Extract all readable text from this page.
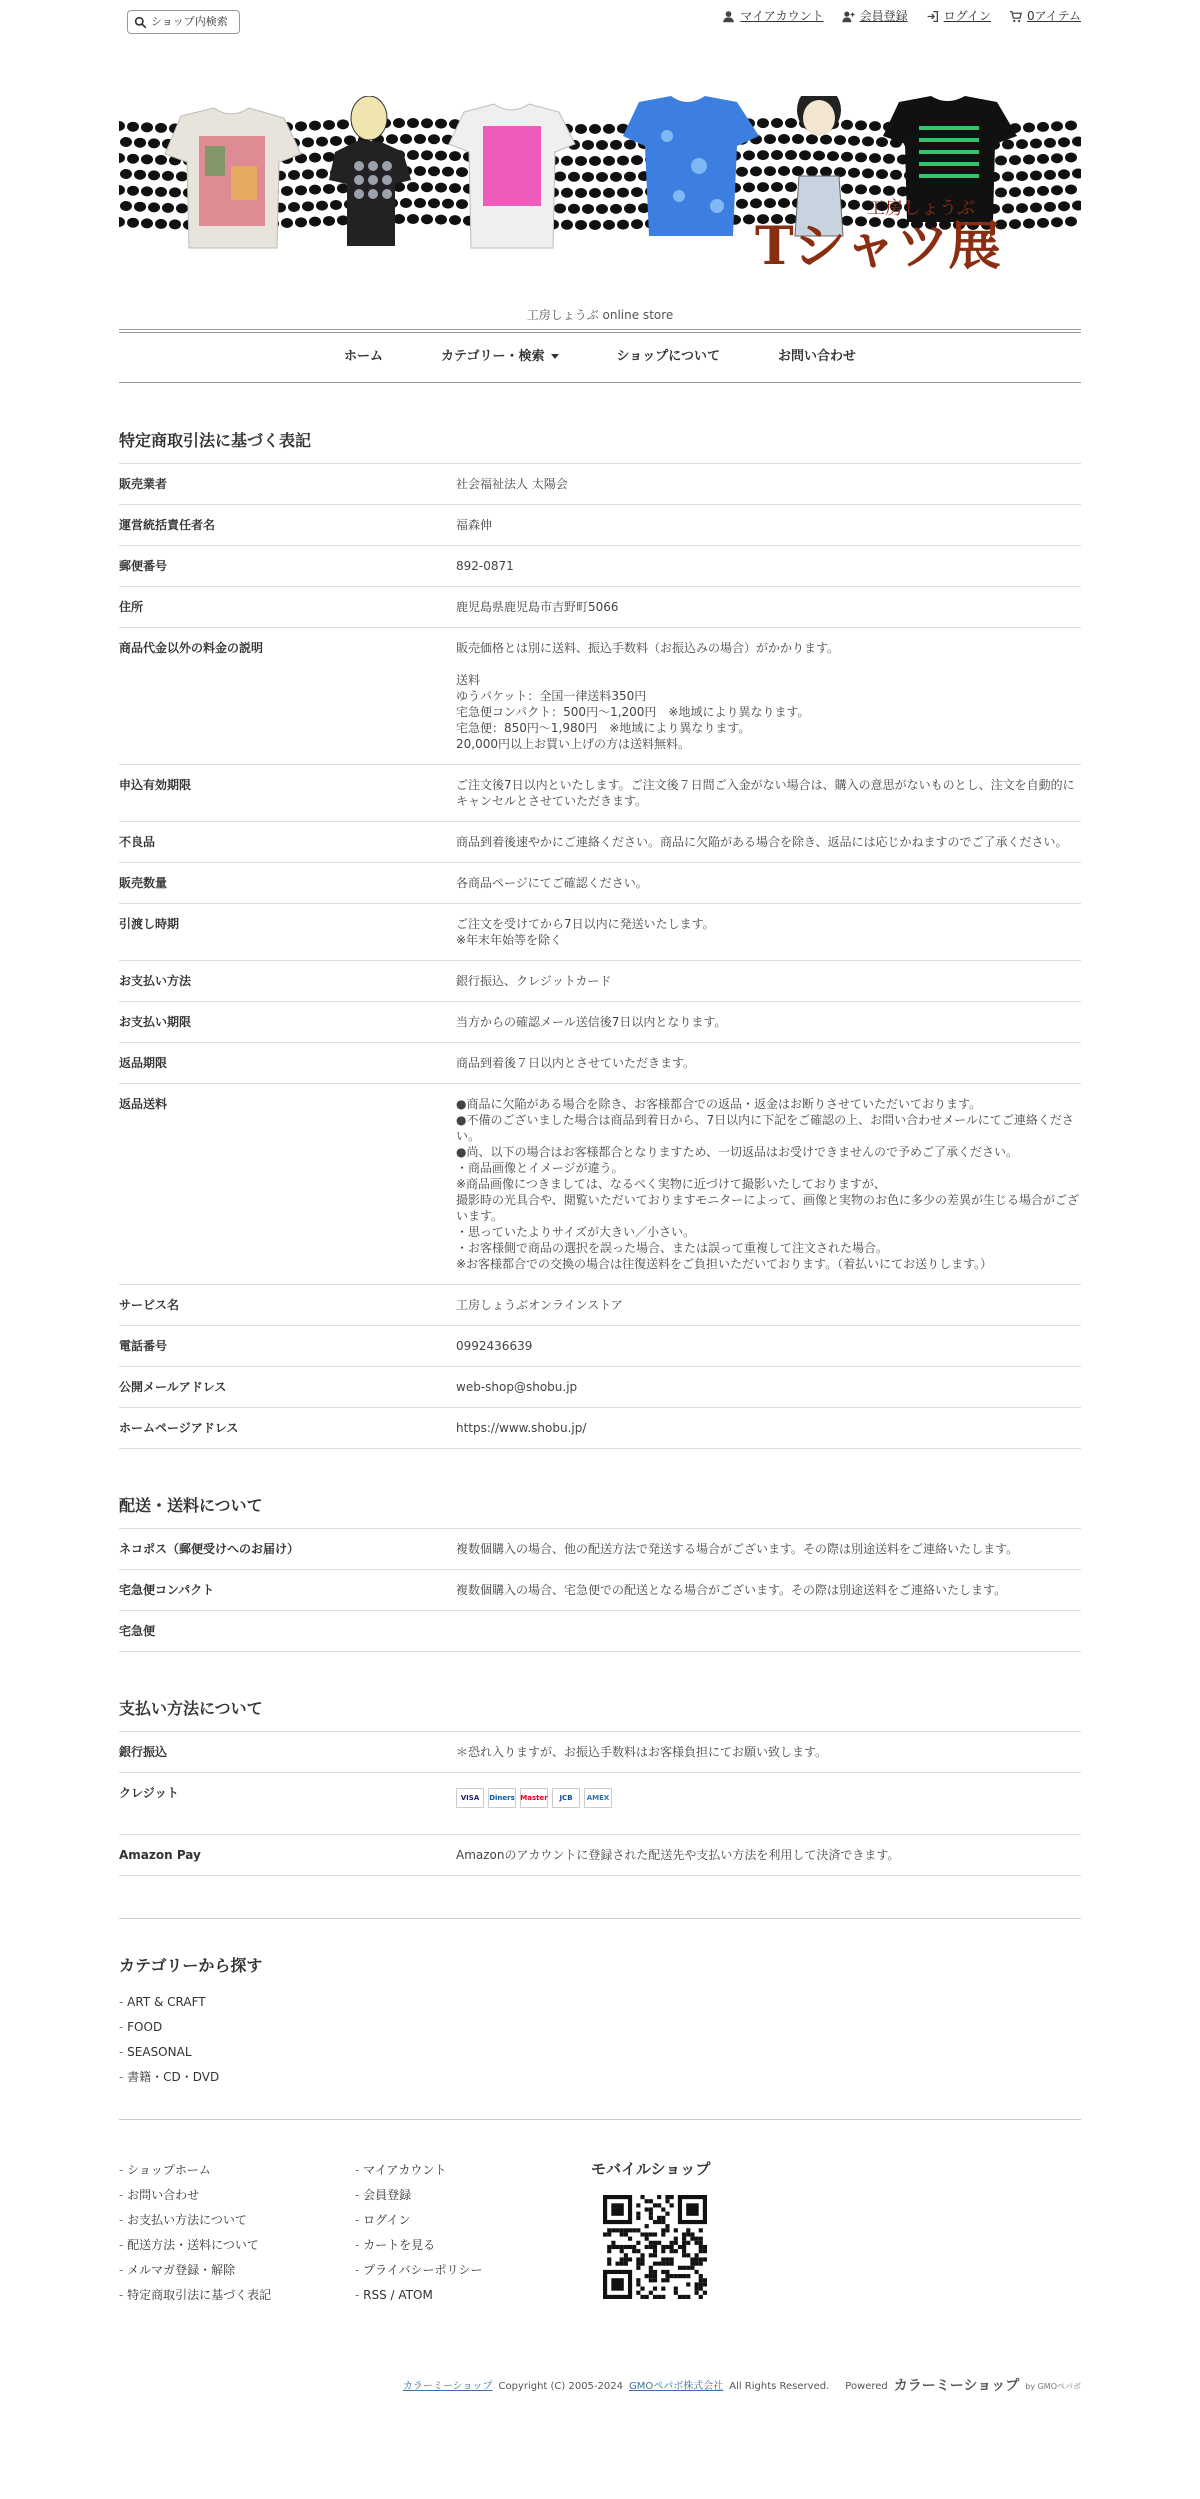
ショップ内検索	マイアカウント	会員登録	ログイン	0アイテム
工房しょうぶ
Tシャツ展
工房しょうぶ online store
ホーム	カテゴリー・検索	ショップについて	お問い合わせ
特定商取引法に基づく表記
販売業者	社会福祉法人 太陽会
運営統括責任者名	福森伸
郵便番号	892-0871
住所	鹿児島県鹿児島市吉野町5066
商品代金以外の料金の説明	販売価格とは別に送料、振込手数料（お振込みの場合）がかかります。

送料
ゆうパケット：全国一律送料350円
宅急便コンパクト：500円〜1,200円　※地域により異なります。
宅急便：850円〜1,980円　※地域により異なります。
20,000円以上お買い上げの方は送料無料。
申込有効期限	ご注文後7日以内といたします。ご注文後７日間ご入金がない場合は、購入の意思がないものとし、注文を自動的にキャンセルとさせていただきます。
不良品	商品到着後速やかにご連絡ください。商品に欠陥がある場合を除き、返品には応じかねますのでご了承ください。
販売数量	各商品ページにてご確認ください。
引渡し時期	ご注文を受けてから7日以内に発送いたします。
※年末年始等を除く
お支払い方法	銀行振込、クレジットカード
お支払い期限	当方からの確認メール送信後7日以内となります。
返品期限	商品到着後７日以内とさせていただきます。
返品送料	●商品に欠陥がある場合を除き、お客様都合での返品・返金はお断りさせていただいております。
●不備のございました場合は商品到着日から、7日以内に下記をご確認の上、お問い合わせメールにてご連絡ください。
●尚、以下の場合はお客様都合となりますため、一切返品はお受けできませんので予めご了承ください。
・商品画像とイメージが違う。
※商品画像につきましては、なるべく実物に近づけて撮影いたしておりますが、
撮影時の光具合や、閲覧いただいておりますモニターによって、画像と実物のお色に多少の差異が生じる場合がございます。
・思っていたよりサイズが大きい／小さい。
・お客様側で商品の選択を誤った場合、または誤って重複して注文された場合。
※お客様都合での交換の場合は往復送料をご負担いただいております。（着払いにてお送りします。）
サービス名	工房しょうぶオンラインストア
電話番号	0992436639
公開メールアドレス	web-shop@shobu.jp
ホームページアドレス	https://www.shobu.jp/
配送・送料について
ネコポス（郵便受けへのお届け）	複数個購入の場合、他の配送方法で発送する場合がございます。その際は別途送料をご連絡いたします。
宅急便コンパクト	複数個購入の場合、宅急便での配送となる場合がございます。その際は別途送料をご連絡いたします。
宅急便
支払い方法について
銀行振込	＊恐れ入りますが、お振込手数料はお客様負担にてお願い致します。
クレジット	VISA	Diners Master	JCB	AMEX
Amazon Pay	Amazonのアカウントに登録された配送先や支払い方法を利用して決済できます。
カテゴリーから探す
- ART & CRAFT
- FOOD
- SEASONAL
- 書籍・CD・DVD
- ショップホーム
- お問い合わせ
- お支払い方法について
- 配送方法・送料について
- メルマガ登録・解除
- 特定商取引法に基づく表記
- マイアカウント
- 会員登録
- ログイン
- カートを見る
- プライバシーポリシー
- RSS / ATOM
モバイルショップ
カラーミーショップ Copyright (C) 2005-2024 GMOペパボ株式会社 All Rights Reserved. Powered カラーミーショップ by GMOペパボ
